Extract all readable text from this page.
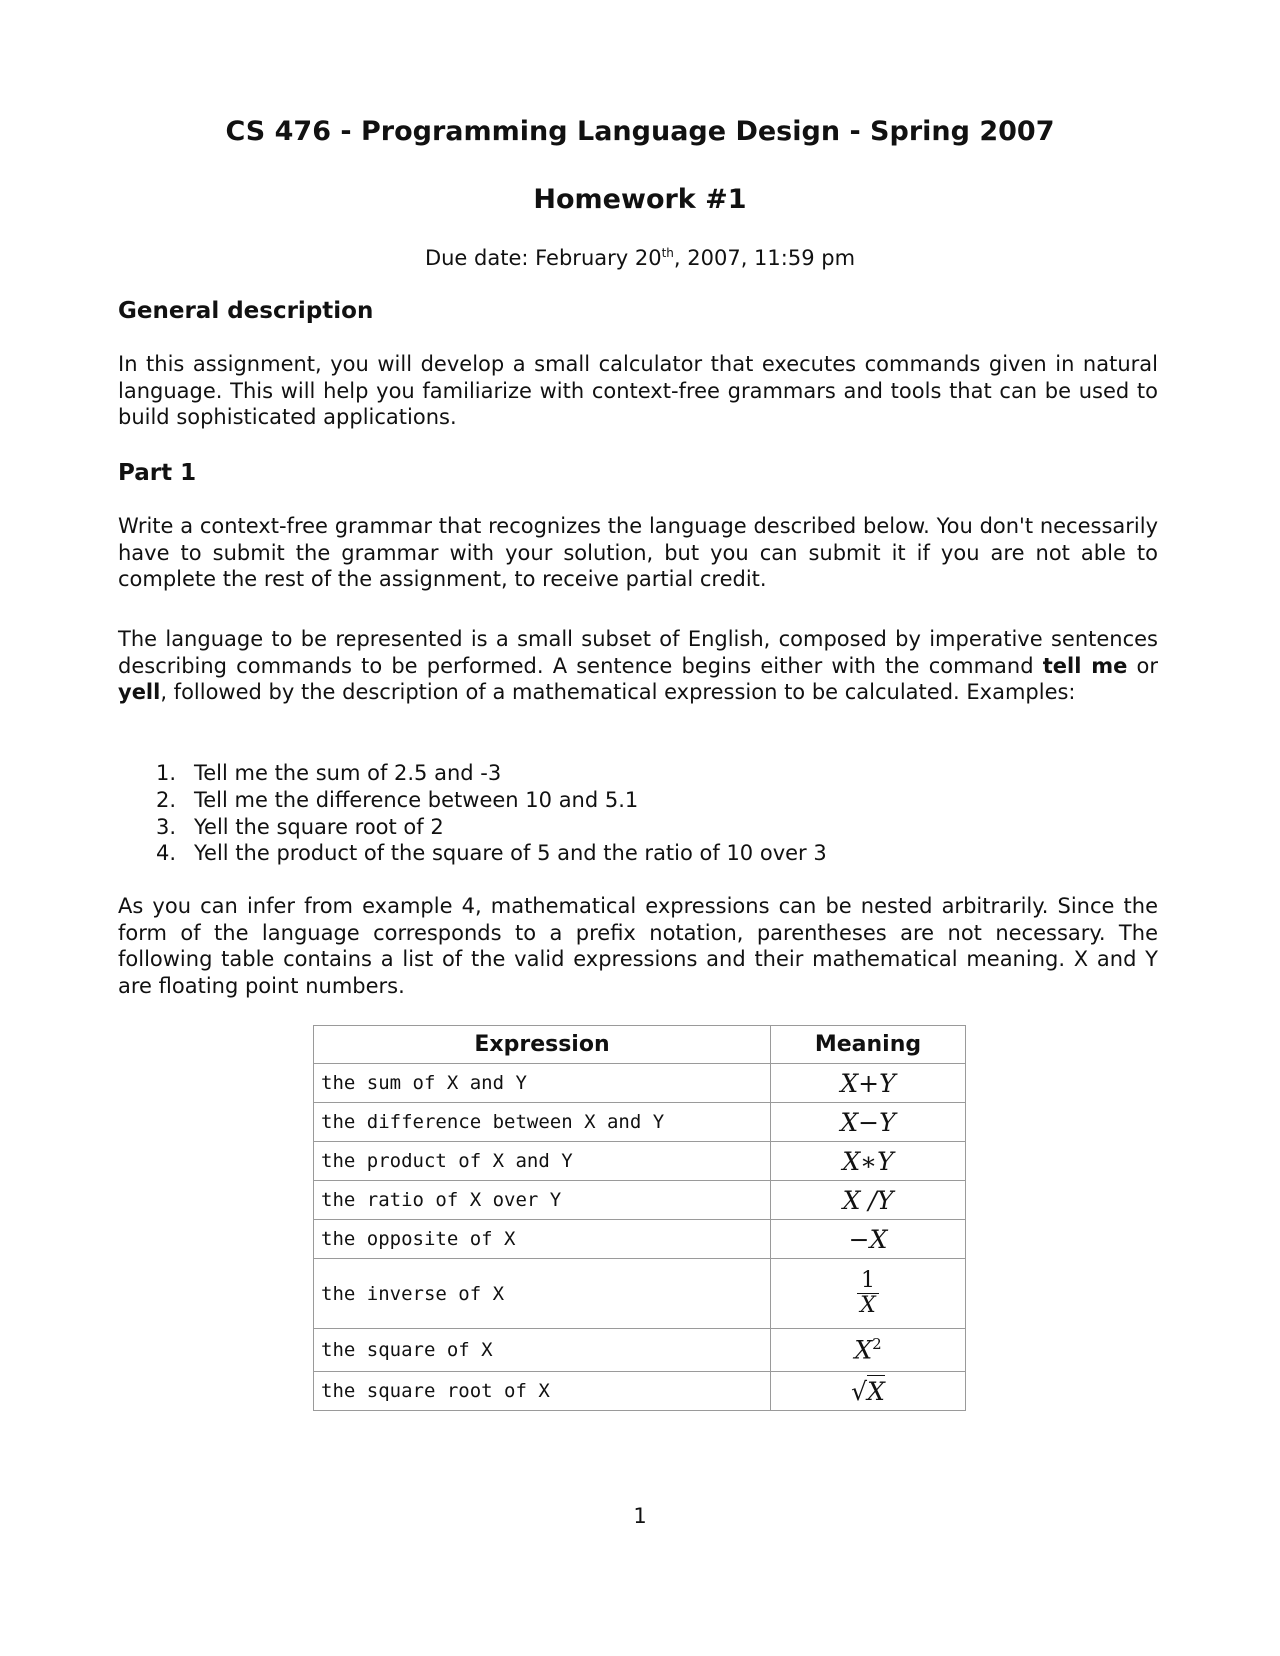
CS 476 - Programming Language Design - Spring 2007
Homework #1
Due date: February 20th, 2007, 11:59 pm
General description

In this assignment, you will develop a small calculator that executes commands given in natural language. This will help you familiarize with context-free grammars and tools that can be used to build sophisticated applications.

Part 1

Write a context-free grammar that recognizes the language described below. You don't necessarily have to submit the grammar with your solution, but you can submit it if you are not able to complete the rest of the assignment, to receive partial credit.

The language to be represented is a small subset of English, composed by imperative sentences describing commands to be performed. A sentence begins either with the command tell me or yell, followed by the description of a mathematical expression to be calculated. Examples:

1. Tell me the sum of 2.5 and -3
2. Tell me the difference between 10 and 5.1
3. Yell the square root of 2
4. Yell the product of the square of 5 and the ratio of 10 over 3

As you can infer from example 4, mathematical expressions can be nested arbitrarily. Since the form of the language corresponds to a prefix notation, parentheses are not necessary. The following table contains a list of the valid expressions and their mathematical meaning. X and Y are floating point numbers.

Expression	Meaning
the sum of X and Y	X+Y
the difference between X and Y	X−Y
the product of X and Y	X∗Y
the ratio of X over Y	X /Y
the opposite of X	−X
the inverse of X	$\frac{1}{X}$

the square of X	$X^2$
the square root of X	√X
1
